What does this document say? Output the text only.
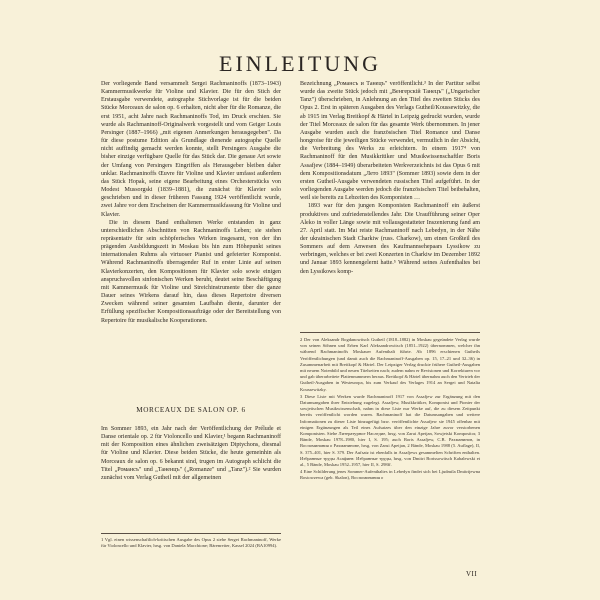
EINLEITUNG

Der vorliegende Band versammelt Sergei Rachmaninoffs (1873–1943) Kammermusikwerke für Violine und Klavier. Die für den Stich der Erstausgabe verwendete, autographe Stichvorlage ist für die beiden Stücke Morceaux de salon op. 6 erhalten, nicht aber für die Romanze, die erst 1951, acht Jahre nach Rachmaninoffs Tod, im Druck erschien. Sie wurde als Rachmaninoff-Originalwerk vorgestellt und vom Geiger Louis Persinger (1887–1966) „mit eigenen Anmerkungen herausgegeben". Da für diese postume Edition als Grundlage dienende autographe Quelle nicht auffindig gemacht werden konnte, stellt Persingers Ausgabe die bisher einzige verfügbare Quelle für das Stück dar. Die genaue Art sowie der Umfang von Persingers Eingriffen als Herausgeber bleiben daher unklar. Rachmaninoffs Œuvre für Violine und Klavier umfasst außerdem das Stück Hopak, seine eigene Bearbeitung eines Orchesterstücks von Modest Mussorgski (1839–1881), die zunächst für Klavier solo geschrieben und in dieser früheren Fassung 1924 veröffentlicht wurde, zwei Jahre vor dem Erscheinen der Kammermusikfassung für Violine und Klavier.

Die in diesem Band enthaltenen Werke entstanden in ganz unterschiedlichen Abschnitten von Rachmaninoffs Leben; sie stehen repräsentativ für sein schöpferisches Wirken insgesamt, von der ihn prägenden Ausbildungszeit in Moskau bis hin zum Höhepunkt seines internationalen Ruhms als virtuoser Pianist und gefeierter Komponist. Während Rachmaninoffs überragender Ruf in erster Linie auf seinen Klavierkonzerten, den Kompositionen für Klavier solo sowie einigen anspruchsvollen sinfonischen Werken beruht, deutet seine Beschäftigung mit Kammermusik für Violine und Streichinstrumente über die ganze Dauer seines Wirkens darauf hin, dass dieses Repertoire diversen Zwecken während seiner gesamten Laufbahn diente, darunter der Erfüllung spezifischer Kompositionsaufträge oder der Bereitstellung von Repertoire für musikalische Kooperationen.

MORCEAUX DE SALON OP. 6

Im Sommer 1893, ein Jahr nach der Veröffentlichung der Prélude et Danse orientale op. 2 für Violoncello und Klavier,¹ begann Rachmaninoff mit der Komposition eines ähnlichen zweisätzigen Diptychons, diesmal für Violine und Klavier. Diese beiden Stücke, die heute gemeinhin als Morceaux de salon op. 6 bekannt sind, trugen im Autograph schlicht die Titel „Романсъ" und „Таненцъ" („Romanze" und „Tanz").² Sie wurden zunächst vom Verlag Gutheil mit der allgemeinen

1 Vgl. einen wissenschaftlich-kritischen Ausgabe des Opus 2 siehe Sergei Rachmaninoff, Werke für Violoncello und Klavier, hrsg. von Daniela Macchione; Bärenreiter, Kassel 2024 (BA10994).

Bezeichnung „Романсъ и Танецъ" veröffentlicht.³ In der Partitur selbst wurde das zweite Stück jedoch mit „Венгерскiй Танецъ" („Ungarischer Tanz") überschrieben, in Anlehnung an den Titel des zweiten Stücks des Opus 2. Erst in späteren Ausgaben des Verlags Gutheil/Koussewitzky, die ab 1915 im Verlag Breitkopf & Härtel in Leipzig gedruckt wurden, wurde der Titel Morceaux de salon für das gesamte Werk übernommen. In jener Ausgabe wurden auch die französischen Titel Romance und Danse hongroise für die jeweiligen Stücke verwendet, vermutlich in der Absicht, die Verbreitung des Werks zu erleichtern. In einem 1917⁴ von Rachmaninoff für den Musikkritiker und Musikwissenschaftler Boris Assafjew (1884–1949) überarbeiteten Werkverzeichnis ist das Opus 6 mit dem Kompositionsdatum „Лето 1893" (Sommer 1893) sowie dem in der ersten Gutheil-Ausgabe verwendeten russischen Titel aufgeführt. In der vorliegenden Ausgabe werden jedoch die französischen Titel beibehalten, weil sie bereits zu Lebzeiten des Komponisten …

1893 war für den jungen Komponisten Rachmaninoff ein äußerst produktives und zufriedenstellendes Jahr. Die Uraufführung seiner Oper Aleko in voller Länge sowie mit vollausgestatteter Inszenierung fand am 27. April statt. Im Mai reiste Rachmaninoff nach Lebedyn, in der Nähe der ukrainischen Stadt Charkiw (russ. Charkow), um einen Großteil des Sommers auf dem Anwesen des Kaufmannsehepaars Lyssikow zu verbringen, welches er bei zwei Konzerten in Charkiw im Dezember 1892 und Januar 1893 kennengelernt hatte.⁵ Während seines Aufenthaltes bei den Lyssikows komp-

2 Der von Aleksandr Bogdanowitsch Gutheil (1818–1882) in Moskau gegründete Verlag wurde von seinen Söhnen und Erben Karl Aleksandrowitsch (1851–1922) übernommen, welcher ihn während Rachmaninoffs Moskauer Aufenthalt führte. Ab 1896 erschienen Gutheils Veröffentlichungen (und damit auch die Rachmaninoff-Ausgaben op. 15, 17–21 und 32–36) in Zusammenarbeit mit Breitkopf & Härtel. Der Leipziger Verlag druckte frühere Gutheil-Ausgaben mit neuem Notenbild und neuen Titelseiten nach; zudem nahm er Revisionen und Korrekturen vor und gab überarbeitete Plattennummern heraus. Breitkopf & Härtel übernahm auch den Vertrieb der Gutheil-Ausgaben in Westeuropa, bis zum Verkauf des Verlages 1914 an Sergei und Natalia Koussewitzky.

3 Diese Liste mit Werken wurde Rachmaninoff 1917 von Assafjew zur Ergänzung mit den Datumsangaben ihrer Entstehung zugelegt. Assafjew, Musikkritiker, Komponist und Pionier der sowjetischen Musikwissenschaft, nahm in diese Liste nur Werke auf, die zu diesem Zeitpunkt bereits veröffentlicht worden waren. Rachmaninoff hat die Datumsangaben und weitere Informationen zu dieser Liste hinzugefügt bzw. veröffentlichte Assafjew sie 1945 offenbar mit einigen Ergänzungen als Teil eines Aufsatzes über den einzige Jahre zuvor verstorbenen Komponisten. Siehe Литературное Наследие, hrsg. von Zarui Apetjan, Sowjetski Kompositor, 3 Bände, Moskau 1978–1980, hier I, S. 195; auch Boris Assafjew, C.B. Рахманинов, in Воспоминания о Рахманинове, hrsg. von Zarui Apetjan, 2 Bände, Moskau 1988 (5. Auflage), II, S. 375–401, hier S. 379. Der Aufsatz ist ebenfalls in Assafjews gesammelten Schriften enthalten. Избранные труды Асафиев: Избранные труды, hrsg. von Dmitri Borissowitsch Kabalewski et al., 5 Bände, Moskau 1952–1957, hier II, S. 298ff.

4 Eine Schilderung jenes Sommer-Aufenthaltes in Lebedyn findet sich bei Ljudmila Dmitrijewna Rostowzewa (geb. Skalon), Воспоминания о

VII
